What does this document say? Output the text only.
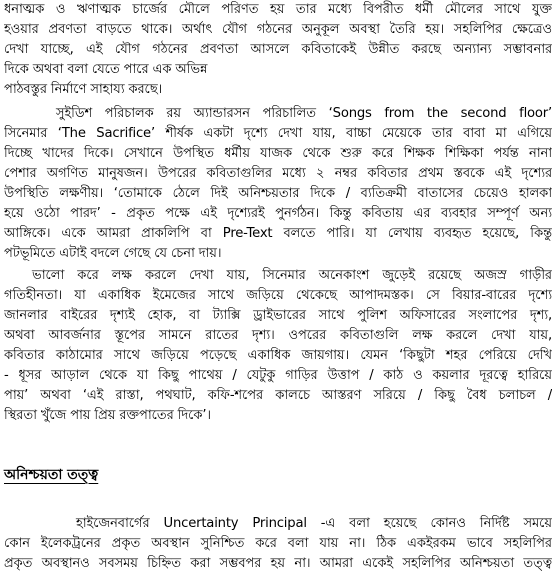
ধনাত্মক ও ঋণাত্মক চার্জের মৌলে পরিণত হয় তার মধ্যে বিপরীত ধর্মী মৌলের সাথে যুক্ত
হওয়ার প্রবণতা বাড়তে থাকে। অর্থাৎ যৌগ গঠনের অনুকূল অবস্থা তৈরি হয়। সহলিপির ক্ষেত্রেও
দেখা যাচ্ছে, এই যৌগ গঠনের প্রবণতা আসলে কবিতাকেই উন্নীত করছে অন্যান্য সম্ভাবনার
দিকে অথবা বলা যেতে পারে এক অভিন্ন
পাঠবস্তুর নির্মাণে সাহায্য করছে।
সুইডিশ পরিচালক রয় অ্যান্ডারসন পরিচালিত ‘Songs from the second floor’
সিনেমার ‘The Sacrifice’ শীর্ষক একটা দৃশ্যে দেখা যায়, বাচ্চা মেয়েকে তার বাবা মা এগিয়ে
দিচ্ছে খাদের দিকে। সেখানে উপস্থিত ধর্মীয় যাজক থেকে শুরু করে শিক্ষক শিক্ষিকা পর্যন্ত নানা
পেশার অগণিত মানুষজন। উপরের কবিতাগুলির মধ্যে ২ নম্বর কবিতার প্রথম স্তবকে এই দৃশ্যের
উপস্থিতি লক্ষণীয়। ‘তোমাকে ঠেলে দিই অনিশ্চয়তার দিকে / ব্যতিক্রমী বাতাসের চেয়েও হালকা
হয়ে ওঠো পারদ’ - প্রকৃত পক্ষে এই দৃশ্যেরই পুনর্গঠন। কিন্তু কবিতায় এর ব্যবহার সম্পূর্ণ অন্য
আঙ্গিকে। একে আমরা প্রাকলিপি বা Pre-Text বলতে পারি। যা লেখায় ব্যবহৃত হয়েছে, কিন্তু
পটভূমিতে এটাই বদলে গেছে যে চেনা দায়।
ভালো করে লক্ষ করলে দেখা যায়, সিনেমার অনেকাংশ জুড়েই রয়েছে অজস্র গাড়ীর
গতিহীনতা। যা একাধিক ইমেজের সাথে জড়িয়ে থেকেছে আপাদমস্তক। সে বিয়ার-বারের দৃশ্যে
জানলার বাইরের দৃশ্যই হোক, বা ট্যাক্সি ড্রাইভারের সাথে পুলিশ অফিসারের সংলাপের দৃশ্য,
অথবা আবর্জনার স্তূপের সামনে রাতের দৃশ্য। ওপরের কবিতাগুলি লক্ষ করলে দেখা যায়,
কবিতার কাঠামোর সাথে জড়িয়ে পড়েছে একাধিক জায়গায়। যেমন ‘কিছুটা শহর পেরিয়ে দেখি
- ধূসর আড়াল থেকে যা কিছু পাথেয় / যেটুকু গাড়ির উত্তাপ / কাঠ ও কয়লার দূরত্বে হারিয়ে
পায়’ অথবা ‘এই রাস্তা, পথঘাট, কফি-শপের কালচে আস্তরণ সরিয়ে / কিছু বৈধ চলাচল /
স্থিরতা খুঁজে পায় প্রিয় রক্তপাতের দিকে’।
অনিশ্চয়তা তত্ত্ব
হাইজেনবার্গের Uncertainty Principal -এ বলা হয়েছে কোনও নির্দিষ্ট সময়ে
কোন ইলেকট্রনের প্রকৃত অবস্থান সুনিশ্চিত করে বলা যায় না। ঠিক একইরকম ভাবে সহলিপির
প্রকৃত অবস্থানও সবসময় চিহ্নিত করা সম্ভবপর হয় না। আমরা একেই সহলিপির অনিশ্চয়তা তত্ত্ব
